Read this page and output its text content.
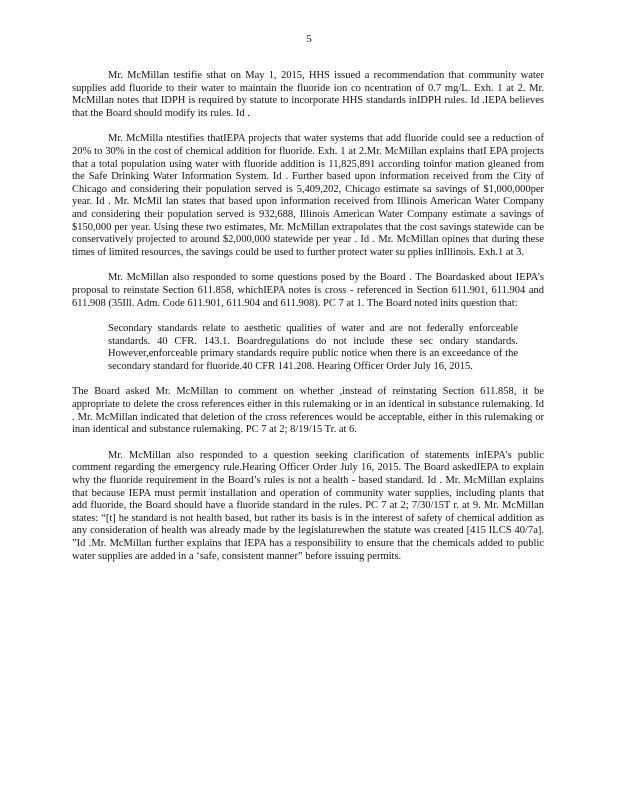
5

Mr. McMillan testifie sthat on May 1, 2015, HHS issued a recommendation that community water supplies add fluoride to their water to maintain the fluoride ion co ncentration of 0.7 mg/L. Exh. 1 at 2. Mr. McMillan notes that IDPH is required by statute to incorporate HHS standards inIDPH rules. Id .IEPA believes that the Board should modify its rules. Id .

Mr. McMilla ntestifies thatIEPA projects that water systems that add fluoride could see a reduction of 20% to 30% in the cost of chemical addition for fluoride. Exh. 1 at 2.Mr. McMillan explains thatI EPA projects that a total population using water with fluoride addition is 11,825,891 according toinfor mation gleaned from the Safe Drinking Water Information System. Id . Further based upon information received from the City of Chicago and considering their population served is 5,409,202, Chicago estimate sa savings of $1,000,000per year. Id . Mr. McMil lan states that based upon information received from Illinois American Water Company and considering their population served is 932,688, Illinois American Water Company estimate a savings of $150,000 per year. Using these two estimates, Mr. McMillan extrapolates that the cost savings statewide can be conservatively projected to around $2,000,000 statewide per year . Id . Mr. McMillan opines that during these times of limited resources, the savings could be used to further protect water su pplies inIllinois. Exh.1 at 3.

Mr. McMillan also responded to some questions posed by the Board . The Boardasked about IEPA’s proposal to reinstate Section 611.858, whichIEPA notes is cross - referenced in Section 611.901, 611.904 and 611.908 (35Ill. Adm. Code 611.901, 611.904 and 611.908). PC 7 at 1. The Board noted inits question that:

Secondary standards relate to aesthetic qualities of water and are not federally enforceable standards. 40 CFR. 143.1. Boardregulations do not include these sec ondary standards. However,enforceable primary standards require public notice when there is an exceedance of the secondary standard for fluoride.40 CFR 141.208. Hearing Officer Order July 16, 2015.

The Board asked Mr. McMillan to comment on whether ,instead of reinstating Section 611.858, it be appropriate to delete the cross references either in this rulemaking or in an identical in substance rulemaking. Id . Mr. McMillan indicated that deletion of the cross references would be acceptable, either in this rulemaking or inan identical and substance rulemaking. PC 7 at 2; 8/19/15 Tr. at 6.

Mr. McMillan also responded to a question seeking clarification of statements inIEPA’s public comment regarding the emergency rule.Hearing Officer Order July 16, 2015. The Board askedIEPA to explain why the fluoride requirement in the Board’s rules is not a health - based standard. Id . Mr. McMillan explains that because IEPA must permit installation and operation of community water supplies, including plants that add fluoride, the Board should have a fluoride standard in the rules. PC 7 at 2; 7/30/15T r. at 9. Mr. McMillan states: “[t] he standard is not health based, but rather its basis is in the interest of safety of chemical addition as any consideration of health was already made by the legislaturewhen the statute was created [415 ILCS 40/7a]. ”Id .Mr. McMillan further explains that IEPA has a responsibility to ensure that the chemicals added to public water supplies are added in a ‘safe, consistent manner” before issuing permits.
